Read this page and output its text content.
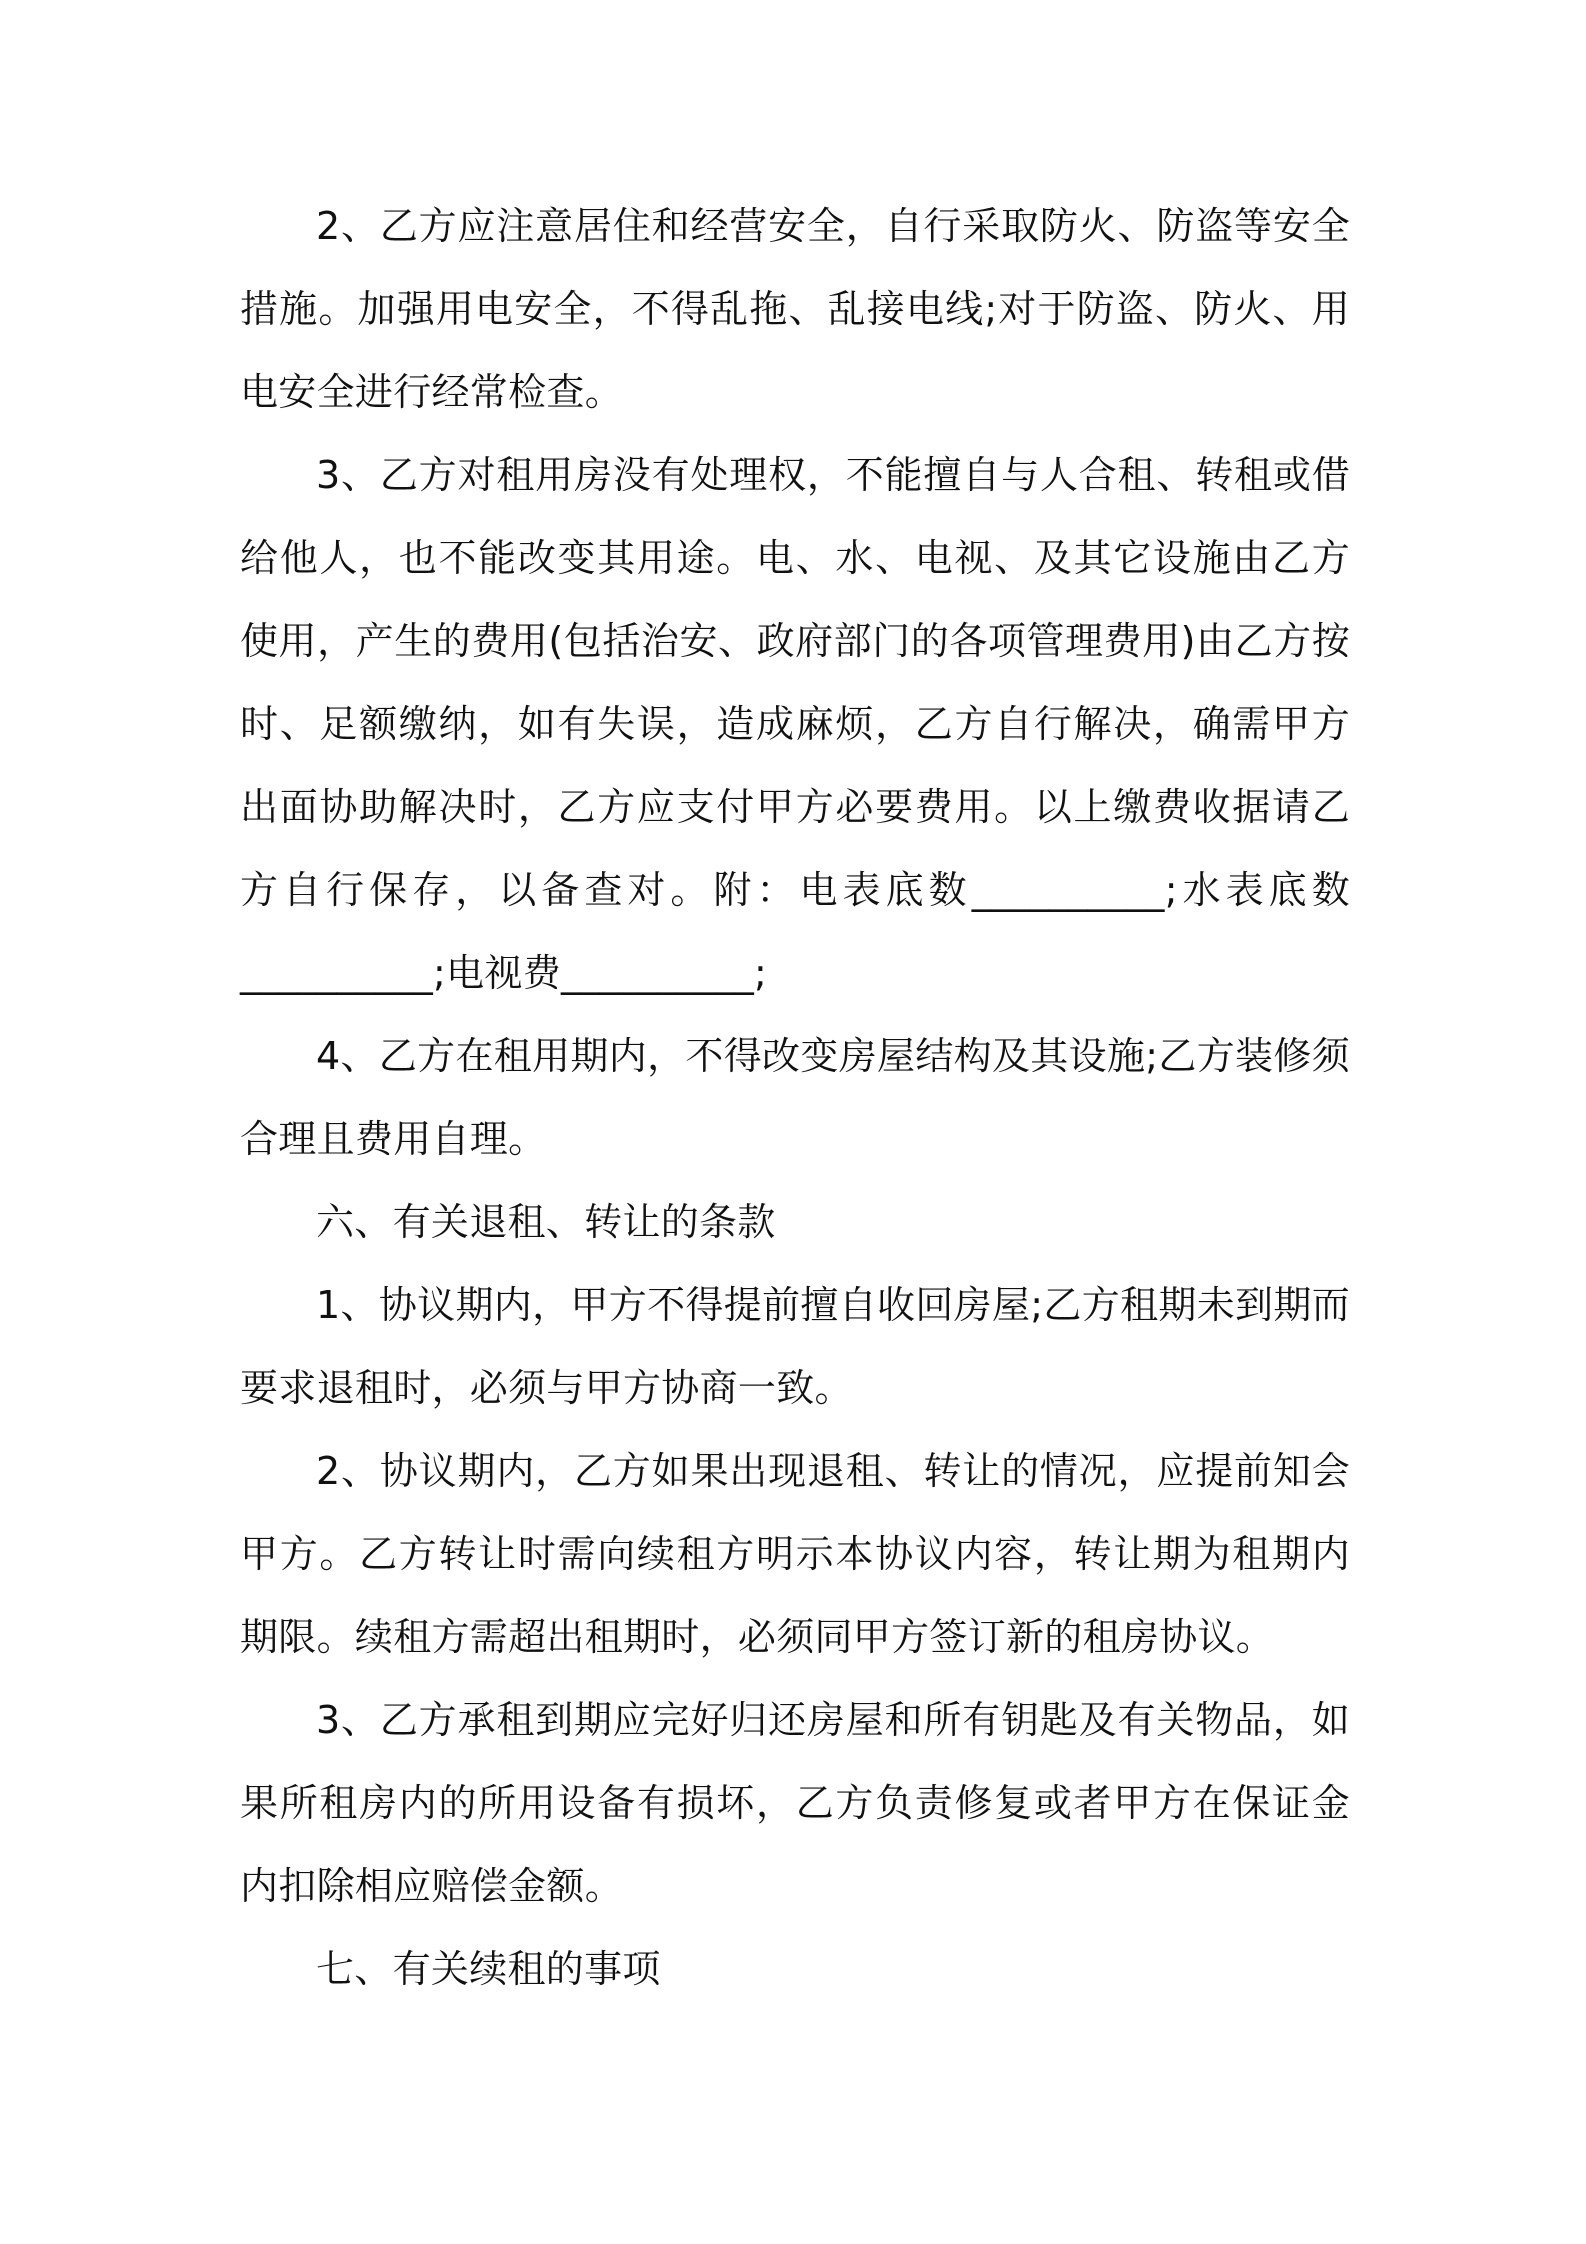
2、乙方应注意居住和经营安全，自行采取防火、防盗等安全措施。加强用电安全，不得乱拖、乱接电线;对于防盗、防火、用电安全进行经常检查。

3、乙方对租用房没有处理权，不能擅自与人合租、转租或借给他人，也不能改变其用途。电、水、电视、及其它设施由乙方使用，产生的费用(包括治安、政府部门的各项管理费用)由乙方按时、足额缴纳，如有失误，造成麻烦，乙方自行解决，确需甲方出面协助解决时，乙方应支付甲方必要费用。以上缴费收据请乙方自行保存，以备查对。附：电表底数__________;水表底数__________;电视费__________;

4、乙方在租用期内，不得改变房屋结构及其设施;乙方装修须合理且费用自理。

六、有关退租、转让的条款

1、协议期内，甲方不得提前擅自收回房屋;乙方租期未到期而要求退租时，必须与甲方协商一致。

2、协议期内，乙方如果出现退租、转让的情况，应提前知会甲方。乙方转让时需向续租方明示本协议内容，转让期为租期内期限。续租方需超出租期时，必须同甲方签订新的租房协议。

3、乙方承租到期应完好归还房屋和所有钥匙及有关物品，如果所租房内的所用设备有损坏，乙方负责修复或者甲方在保证金内扣除相应赔偿金额。

七、有关续租的事项
